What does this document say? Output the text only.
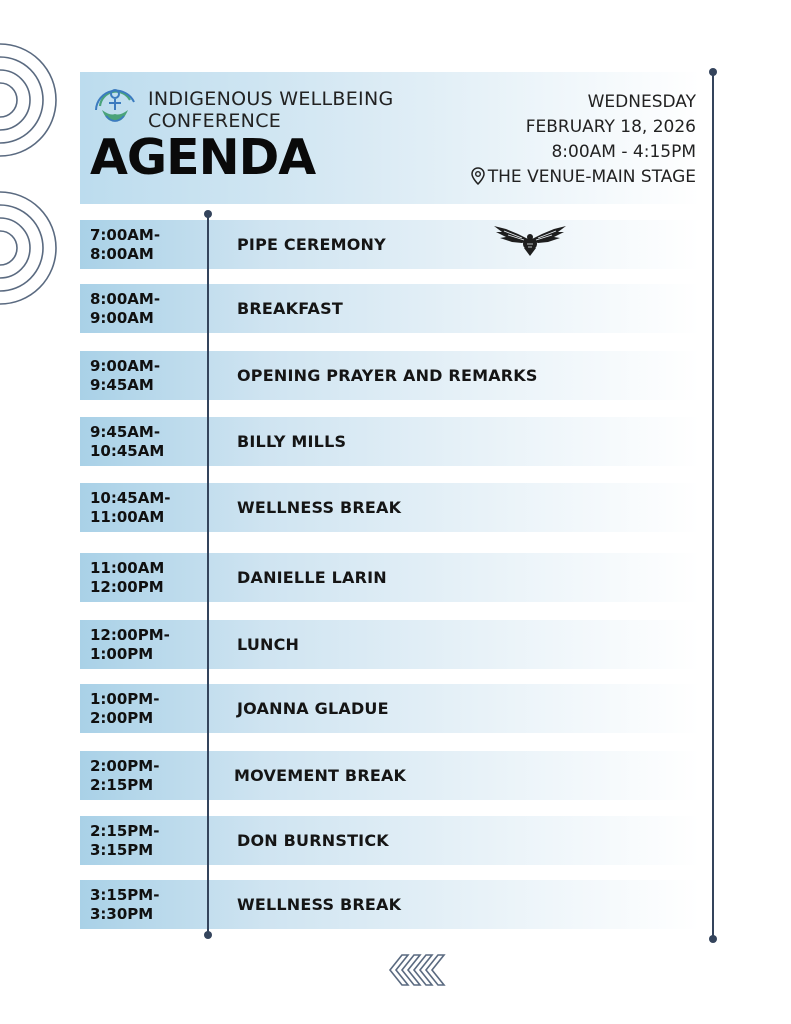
INDIGENOUS WELLBEING
CONFERENCE
AGENDA
WEDNESDAY
FEBRUARY 18, 2026
8:00AM - 4:15PM
THE VENUE-MAIN STAGE
7:00AM-
8:00AM	PIPE CEREMONY
8:00AM-
9:00AM	BREAKFAST
9:00AM-
9:45AM	OPENING PRAYER AND REMARKS
9:45AM-
10:45AM	BILLY MILLS
10:45AM-
11:00AM	WELLNESS BREAK
11:00AM
12:00PM	DANIELLE LARIN
12:00PM-
1:00PM	LUNCH
1:00PM-
2:00PM	JOANNA GLADUE
2:00PM-
2:15PM	MOVEMENT BREAK
2:15PM-
3:15PM	DON BURNSTICK
3:15PM-
3:30PM	WELLNESS BREAK
